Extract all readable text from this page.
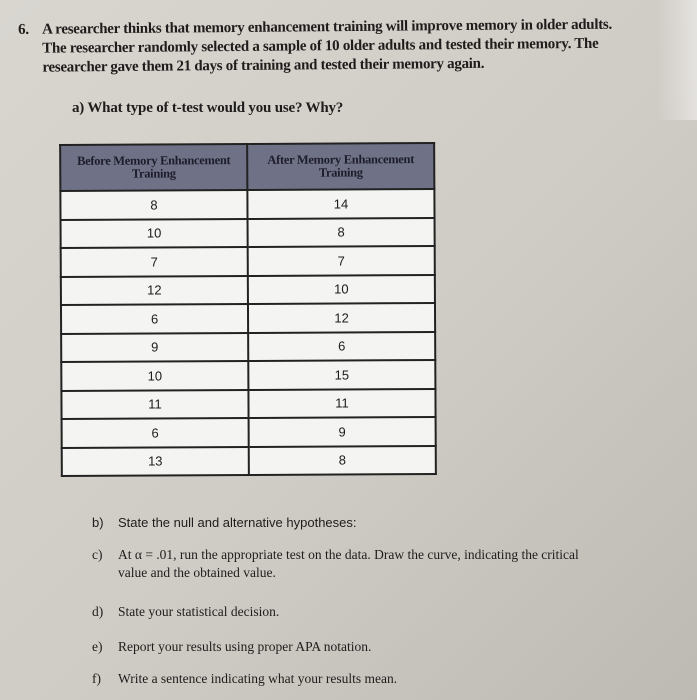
6. A researcher thinks that memory enhancement training will improve memory in older adults.
The researcher randomly selected a sample of 10 older adults and tested their memory. The
researcher gave them 21 days of training and tested their memory again.
a) What type of t-test would you use? Why?
Before Memory Enhancement Training	After Memory Enhancement Training
8	14
10	8
7	7
12	10
6	12
9	6
10	15
11	11
6	9
13	8
b) State the null and alternative hypotheses:
c) At α = .01, run the appropriate test on the data. Draw the curve, indicating the critical
value and the obtained value.
d) State your statistical decision.
e) Report your results using proper APA notation.
f) Write a sentence indicating what your results mean.
